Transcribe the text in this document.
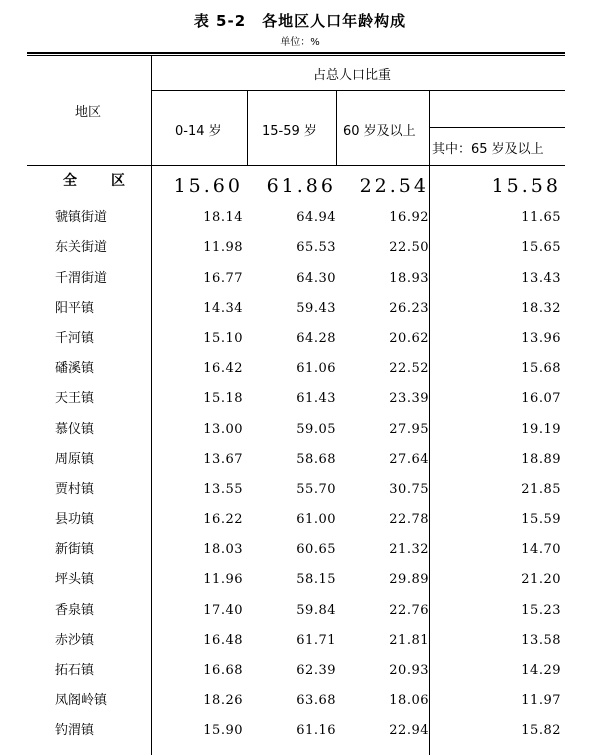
表 5-2　各地区人口年龄构成
单位：%
地区
占总人口比重
0-14 岁	15-59 岁 60 岁及以上
其中：65 岁及以上
全　区	15.60	61.86	22.54	15.58
虢镇街道	18.14	64.94	16.92	11.65
东关街道	11.98	65.53	22.50	15.65
千渭街道	16.77	64.30	18.93	13.43
阳平镇	14.34	59.43	26.23	18.32
千河镇	15.10	64.28	20.62	13.96
磻溪镇	16.42	61.06	22.52	15.68
天王镇	15.18	61.43	23.39	16.07
慕仪镇	13.00	59.05	27.95	19.19
周原镇	13.67	58.68	27.64	18.89
贾村镇	13.55	55.70	30.75	21.85
县功镇	16.22	61.00	22.78	15.59
新街镇	18.03	60.65	21.32	14.70
坪头镇	11.96	58.15	29.89	21.20
香泉镇	17.40	59.84	22.76	15.23
赤沙镇	16.48	61.71	21.81	13.58
拓石镇	16.68	62.39	20.93	14.29
凤阁岭镇	18.26	63.68	18.06	11.97
钓渭镇	15.90	61.16	22.94	15.82
